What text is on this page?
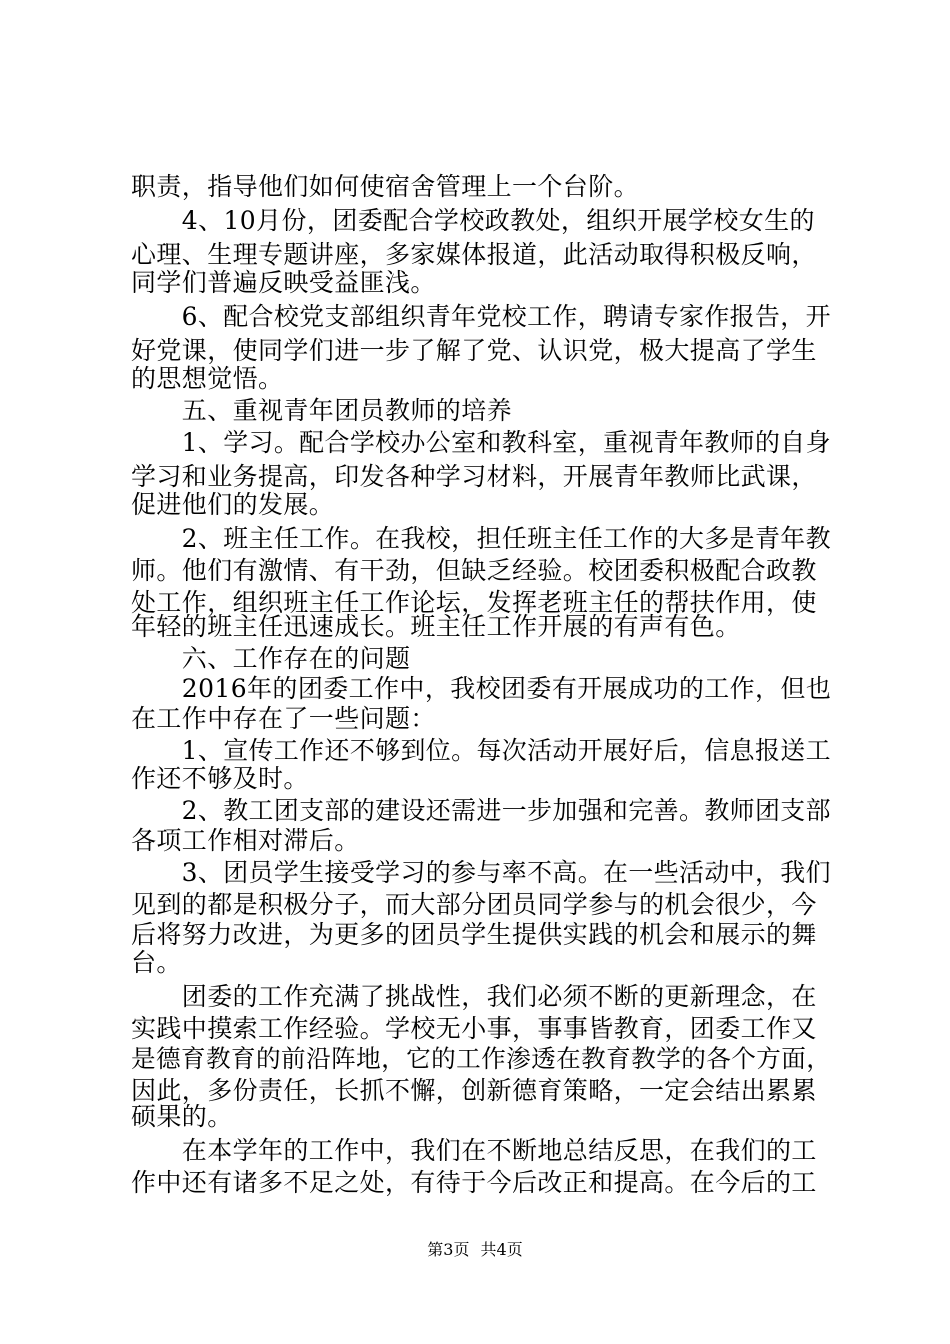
职责，指导他们如何使宿舍管理上一个台阶。

　　4、10月份，团委配合学校政教处，组织开展学校女生的

心理、生理专题讲座，多家媒体报道，此活动取得积极反响，

同学们普遍反映受益匪浅。

　　6、配合校党支部组织青年党校工作，聘请专家作报告，开

好党课，使同学们进一步了解了党、认识党，极大提高了学生

的思想觉悟。

　　五、重视青年团员教师的培养

　　1、学习。配合学校办公室和教科室，重视青年教师的自身

学习和业务提高，印发各种学习材料，开展青年教师比武课，

促进他们的发展。

　　2、班主任工作。在我校，担任班主任工作的大多是青年教

师。他们有激情、有干劲，但缺乏经验。校团委积极配合政教

处工作，组织班主任工作论坛，发挥老班主任的帮扶作用，使

年轻的班主任迅速成长。班主任工作开展的有声有色。

　　六、工作存在的问题

　　2016年的团委工作中，我校团委有开展成功的工作，但也

在工作中存在了一些问题：

　　1、宣传工作还不够到位。每次活动开展好后，信息报送工

作还不够及时。

　　2、教工团支部的建设还需进一步加强和完善。教师团支部

各项工作相对滞后。

　　3、团员学生接受学习的参与率不高。在一些活动中，我们

见到的都是积极分子，而大部分团员同学参与的机会很少，今

后将努力改进，为更多的团员学生提供实践的机会和展示的舞

台。

　　团委的工作充满了挑战性，我们必须不断的更新理念，在

实践中摸索工作经验。学校无小事，事事皆教育，团委工作又

是德育教育的前沿阵地，它的工作渗透在教育教学的各个方面，

因此，多份责任，长抓不懈，创新德育策略，一定会结出累累

硕果的。

　　在本学年的工作中，我们在不断地总结反思，在我们的工

作中还有诸多不足之处，有待于今后改正和提高。在今后的工

第3页 共4页
